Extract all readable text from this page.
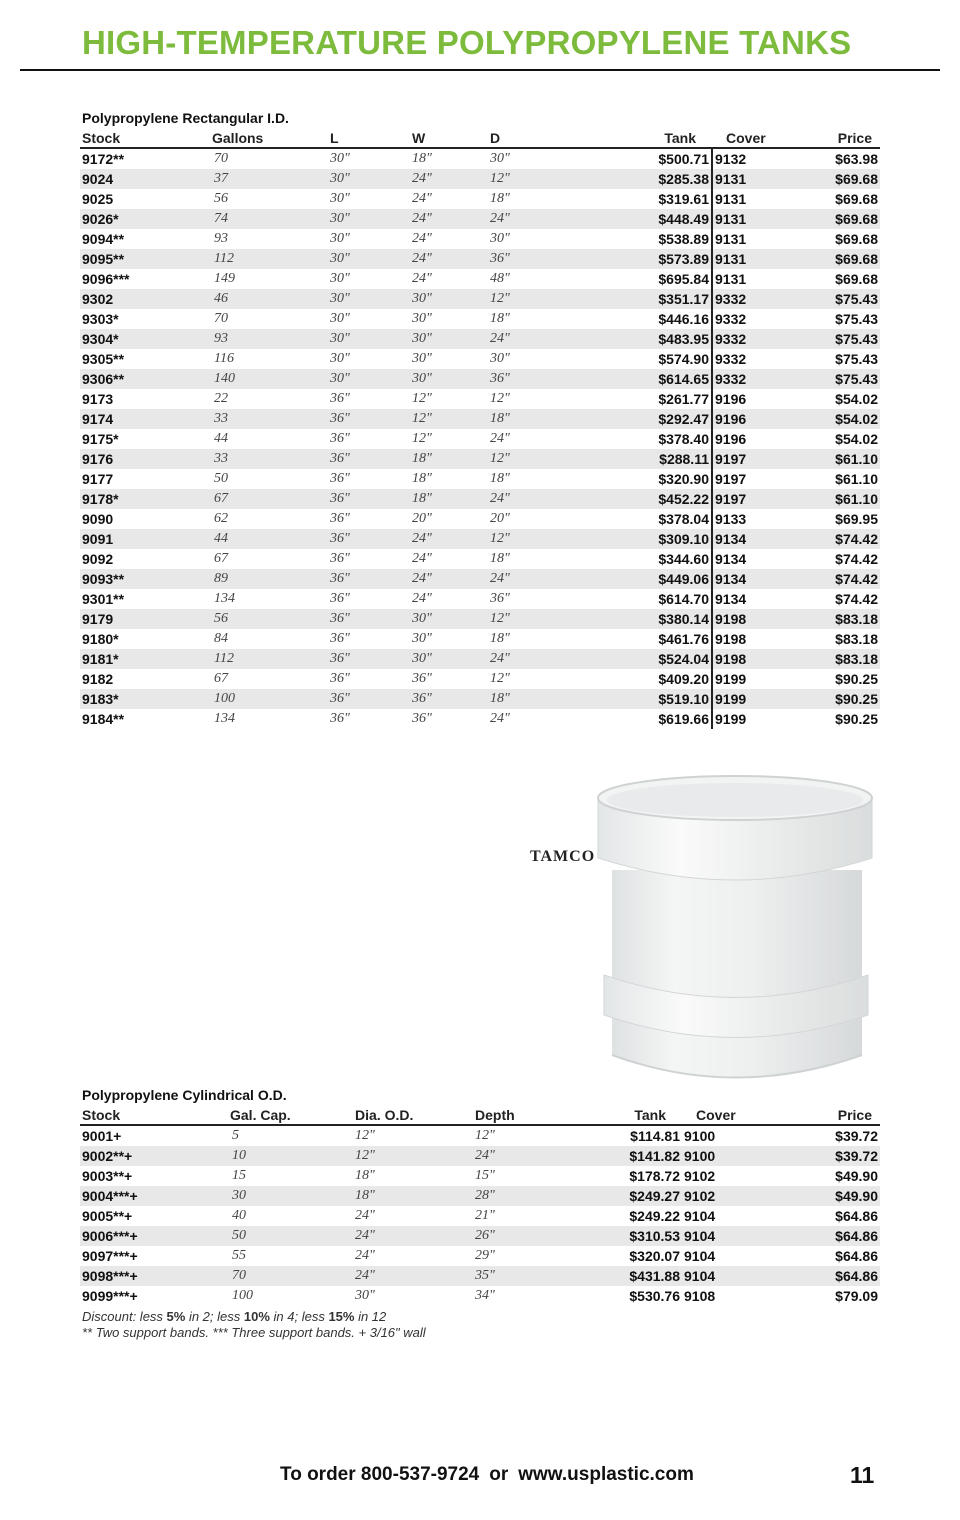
HIGH-TEMPERATURE POLYPROPYLENE TANKS
Polypropylene Rectangular I.D.
Stock	Gallons	L	W	D	Tank	Cover	Price
9172**	70	30"	18"	30"	$500.71	9132	$63.98
9024	37	30"	24"	12"	$285.38	9131	$69.68
9025	56	30"	24"	18"	$319.61	9131	$69.68
9026*	74	30"	24"	24"	$448.49	9131	$69.68
9094**	93	30"	24"	30"	$538.89	9131	$69.68
9095**	112	30"	24"	36"	$573.89	9131	$69.68
9096***	149	30"	24"	48"	$695.84	9131	$69.68
9302	46	30"	30"	12"	$351.17	9332	$75.43
9303*	70	30"	30"	18"	$446.16	9332	$75.43
9304*	93	30"	30"	24"	$483.95	9332	$75.43
9305**	116	30"	30"	30"	$574.90	9332	$75.43
9306**	140	30"	30"	36"	$614.65	9332	$75.43
9173	22	36"	12"	12"	$261.77	9196	$54.02
9174	33	36"	12"	18"	$292.47	9196	$54.02
9175*	44	36"	12"	24"	$378.40	9196	$54.02
9176	33	36"	18"	12"	$288.11	9197	$61.10
9177	50	36"	18"	18"	$320.90	9197	$61.10
9178*	67	36"	18"	24"	$452.22	9197	$61.10
9090	62	36"	20"	20"	$378.04	9133	$69.95
9091	44	36"	24"	12"	$309.10	9134	$74.42
9092	67	36"	24"	18"	$344.60	9134	$74.42
9093**	89	36"	24"	24"	$449.06	9134	$74.42
9301**	134	36"	24"	36"	$614.70	9134	$74.42
9179	56	36"	30"	12"	$380.14	9198	$83.18
9180*	84	36"	30"	18"	$461.76	9198	$83.18
9181*	112	36"	30"	24"	$524.04	9198	$83.18
9182	67	36"	36"	12"	$409.20	9199	$90.25
9183*	100	36"	36"	18"	$519.10	9199	$90.25
9184**	134	36"	36"	24"	$619.66	9199	$90.25
TAMCO
Polypropylene Cylindrical O.D.
Stock	Gal. Cap.	Dia. O.D.	Depth	Tank	Cover	Price
9001+	5	12"	12"	$114.81	9100	$39.72
9002**+	10	12"	24"	$141.82	9100	$39.72
9003**+	15	18"	15"	$178.72	9102	$49.90
9004***+	30	18"	28"	$249.27	9102	$49.90
9005**+	40	24"	21"	$249.22	9104	$64.86
9006***+	50	24"	26"	$310.53	9104	$64.86
9097***+	55	24"	29"	$320.07	9104	$64.86
9098***+	70	24"	35"	$431.88	9104	$64.86
9099***+	100	30"	34"	$530.76	9108	$79.09
Discount: less 5% in 2; less 10% in 4; less 15% in 12
** Two support bands. *** Three support bands. + 3/16" wall
To order 800-537-9724 or www.usplastic.com	11
